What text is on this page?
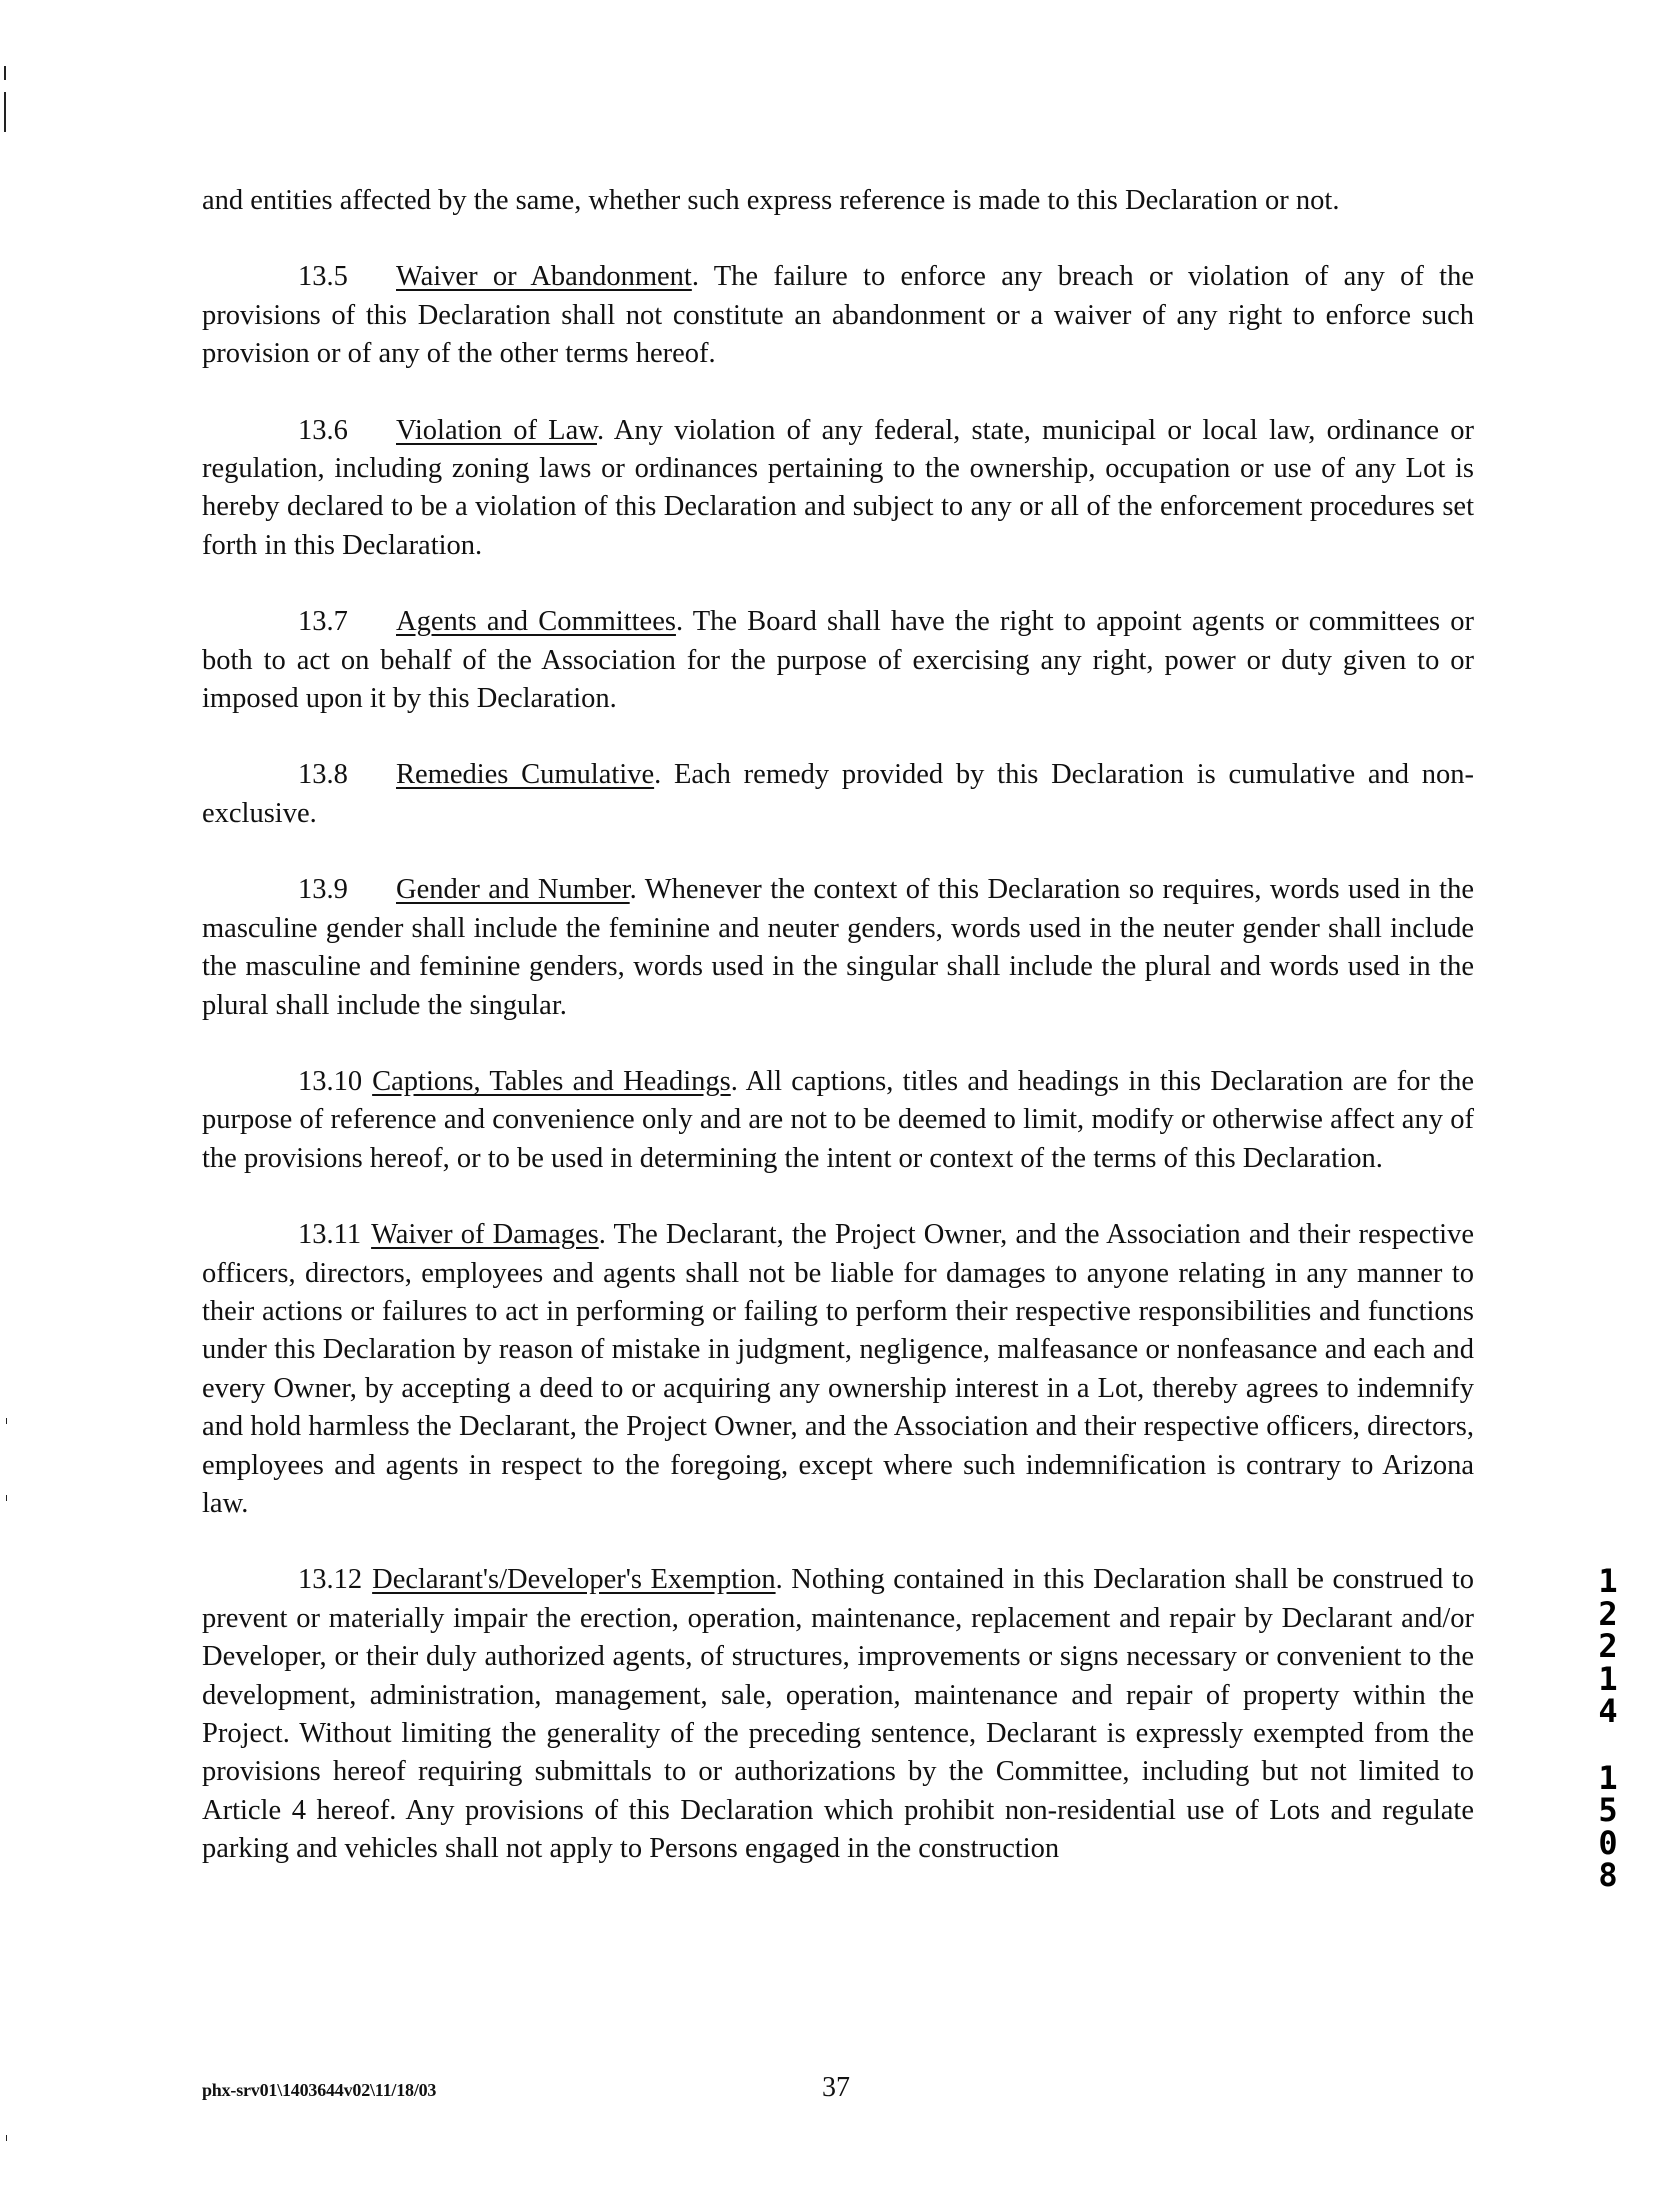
and entities affected by the same, whether such express reference is made to this Declaration or not.

13.5 Waiver or Abandonment. The failure to enforce any breach or violation of any of the provisions of this Declaration shall not constitute an abandonment or a waiver of any right to enforce such provision or of any of the other terms hereof.

13.6 Violation of Law. Any violation of any federal, state, municipal or local law, ordinance or regulation, including zoning laws or ordinances pertaining to the ownership, occupation or use of any Lot is hereby declared to be a violation of this Declaration and subject to any or all of the enforcement procedures set forth in this Declaration.

13.7 Agents and Committees. The Board shall have the right to appoint agents or committees or both to act on behalf of the Association for the purpose of exercising any right, power or duty given to or imposed upon it by this Declaration.

13.8 Remedies Cumulative. Each remedy provided by this Declaration is cumulative and non-exclusive.

13.9 Gender and Number. Whenever the context of this Declaration so requires, words used in the masculine gender shall include the feminine and neuter genders, words used in the neuter gender shall include the masculine and feminine genders, words used in the singular shall include the plural and words used in the plural shall include the singular.

13.10 Captions, Tables and Headings. All captions, titles and headings in this Declaration are for the purpose of reference and convenience only and are not to be deemed to limit, modify or otherwise affect any of the provisions hereof, or to be used in determining the intent or context of the terms of this Declaration.

13.11 Waiver of Damages. The Declarant, the Project Owner, and the Association and their respective officers, directors, employees and agents shall not be liable for damages to anyone relating in any manner to their actions or failures to act in performing or failing to perform their respective responsibilities and functions under this Declaration by reason of mistake in judgment, negligence, malfeasance or nonfeasance and each and every Owner, by accepting a deed to or acquiring any ownership interest in a Lot, thereby agrees to indemnify and hold harmless the Declarant, the Project Owner, and the Association and their respective officers, directors, employees and agents in respect to the foregoing, except where such indemnification is contrary to Arizona law.

13.12 Declarant's/Developer's Exemption. Nothing contained in this Declaration shall be construed to prevent or materially impair the erection, operation, maintenance, replacement and repair by Declarant and/or Developer, or their duly authorized agents, of structures, improvements or signs necessary or convenient to the development, administration, management, sale, operation, maintenance and repair of property within the Project. Without limiting the generality of the preceding sentence, Declarant is expressly exempted from the provisions hereof requiring submittals to or authorizations by the Committee, including but not limited to Article 4 hereof. Any provisions of this Declaration which prohibit non-residential use of Lots and regulate parking and vehicles shall not apply to Persons engaged in the construction

1
2
2
1
4
1
5
0
8
phx-srv01\1403644v02\11/18/03	37
